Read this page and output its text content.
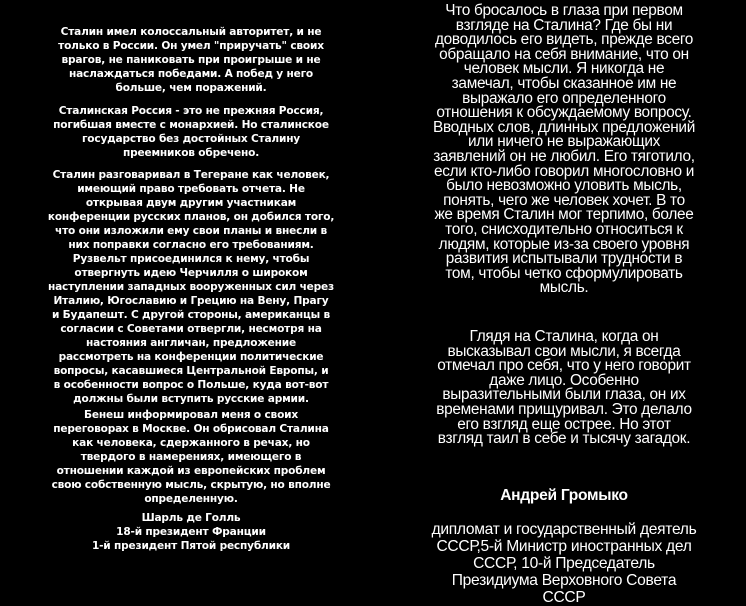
Сталин имел колоссальный авторитет, и не
только в России. Он умел "приручать" своих
врагов, не паниковать при проигрыше и не
наслаждаться победами. А побед у него
больше, чем поражений.

Сталинская Россия - это не прежняя Россия,
погибшая вместе с монархией. Но сталинское
государство без достойных Сталину
преемников обречено.

Сталин разговаривал в Тегеране как человек,
имеющий право требовать отчета. Не
открывая двум другим участникам
конференции русских планов, он добился того,
что они изложили ему свои планы и внесли в
них поправки согласно его требованиям.
Рузвельт присоединился к нему, чтобы
отвергнуть идею Черчилля о широком
наступлении западных вооруженных сил через
Италию, Югославию и Грецию на Вену, Прагу
и Будапешт. С другой стороны, американцы в
согласии с Советами отвергли, несмотря на
настояния англичан, предложение
рассмотреть на конференции политические
вопросы, касавшиеся Центральной Европы, и
в особенности вопрос о Польше, куда вот-вот
должны были вступить русские армии.

Бенеш информировал меня о своих
переговорах в Москве. Он обрисовал Сталина
как человека, сдержанного в речах, но
твердого в намерениях, имеющего в
отношении каждой из европейских проблем
свою собственную мысль, скрытую, но вполне
определенную.

Шарль де Голль
18-й президент Франции
1-й президент Пятой республики

Что бросалось в глаза при первом
взгляде на Сталина? Где бы ни
доводилось его видеть, прежде всего
обращало на себя внимание, что он
человек мысли. Я никогда не
замечал, чтобы сказанное им не
выражало его определенного
отношения к обсуждаемому вопросу.
Вводных слов, длинных предложений
или ничего не выражающих
заявлений он не любил. Его тяготило,
если кто-либо говорил многословно и
было невозможно уловить мысль,
понять, чего же человек хочет. В то
же время Сталин мог терпимо, более
того, снисходительно относиться к
людям, которые из-за своего уровня
развития испытывали трудности в
том, чтобы четко сформулировать
мысль.

Глядя на Сталина, когда он
высказывал свои мысли, я всегда
отмечал про себя, что у него говорит
даже лицо. Особенно
выразительными были глаза, он их
временами прищуривал. Это делало
его взгляд еще острее. Но этот
взгляд таил в себе и тысячу загадок.

Андрей Громыко

дипломат и государственный деятель
СССР,5-й Министр иностранных дел
СССР, 10-й Председатель
Президиума Верховного Совета
СССР
